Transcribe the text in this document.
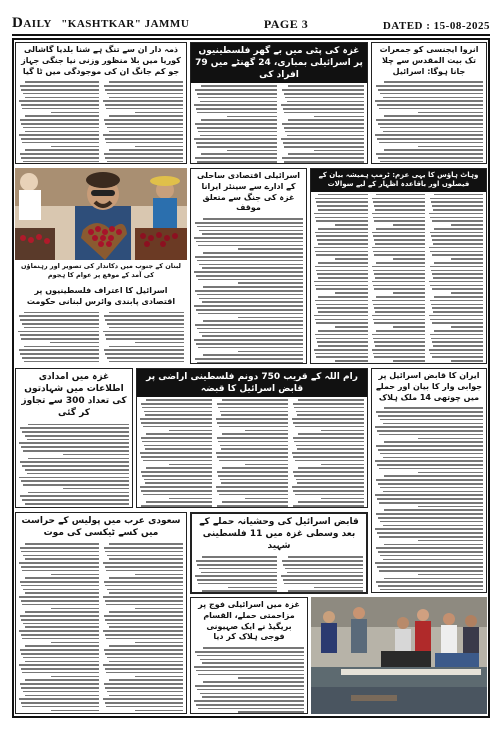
DAILY "KASHTKAR" JAMMU	PAGE 3	DATED : 15-08-2025
ذمہ دار ان سے تنگ ہے شنا بلدیا گاشالی کوریا میں بلا منظور وزنی نیا جنگی جہاز جو کم جانگ ان کی موجودگی میں ٹا گیا
غزہ کی پٹی میں بے گھر فلسطینیوں پر اسرائیلی بمباری، 24 گھنٹے میں 79 افراد کی
انروا ایجنسی کو جمعرات تک بیت المقدس سے چلا جانا ہوگا: اسرائیل
لبنان کے جنوب میں دکاندار کی تصویر اور رہنماؤں کی آمد کے موقع پر عوام کا ہجوم
اسرائیل کا اعتراف فلسطینیوں پر اقتصادی پابندی وائرس لبنانی حکومت
اسرائیلی اقتصادی ساحلی کے ادارے سے سینئر ایرانا غزہ کی جنگ سے متعلق موقف
وہاٹ ہاؤس کا یہی عزم: ٹرمپ ہمیشہ بیان کے فیصلوں اور باقاعدہ اظہار کے لیے سوالات
غزہ میں امدادی اطلاعات میں شہادتوں کی تعداد 300 سے تجاوز کر گئی
رام اللہ کے قریب 750 دونم فلسطینی اراضی پر قابض اسرائیل کا قبضہ
ایران کا قابض اسرائیل پر جوابی وار کا بیان اور حملے میں چوتھی 14 ملک ہلاک
سعودی عرب میں پولیس کے حراست میں کسے ٹیکسی کی موت
قابض اسرائیل کی وحشیانہ حملے کے بعد وسطی غزہ میں 11 فلسطینی شہید
غزہ میں اسرائیلی فوج پر مزاحمتی حملے، القسام بریگیڈ نے ایک صہیونی فوجی ہلاک کر دیا
